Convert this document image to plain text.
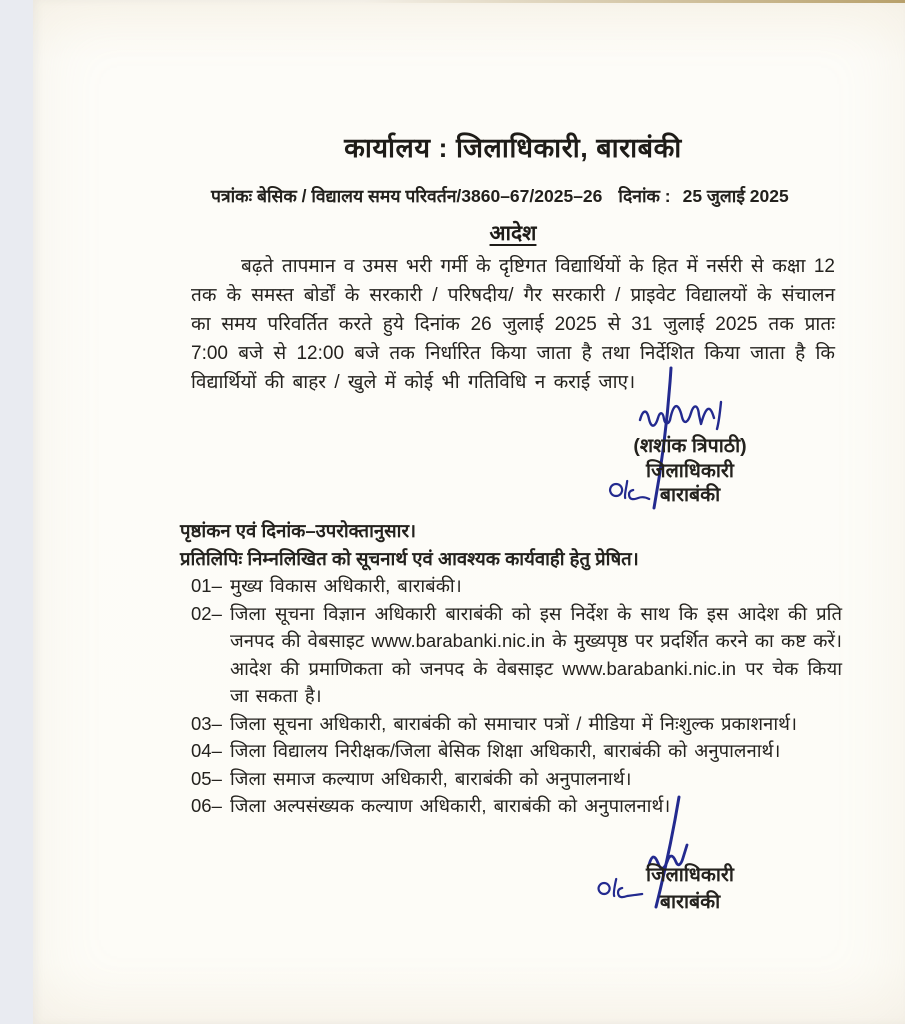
कार्यालय : जिलाधिकारी, बाराबंकी
पत्रांकः बेसिक / विद्यालय समय परिवर्तन/3860–67/2025–26 दिनांक : 25 जुलाई 2025
आदेश
बढ़ते तापमान व उमस भरी गर्मी के दृष्टिगत विद्यार्थियों के हित में नर्सरी से कक्षा 12 तक के समस्त बोर्डों के सरकारी / परिषदीय/ गैर सरकारी / प्राइवेट विद्यालयों के संचालन का समय परिवर्तित करते हुये दिनांक 26 जुलाई 2025 से 31 जुलाई 2025 तक प्रातः 7:00 बजे से 12:00 बजे तक निर्धारित किया जाता है तथा निर्देशित किया जाता है कि विद्यार्थियों की बाहर / खुले में कोई भी गतिविधि न कराई जाए।
(शशांक त्रिपाठी)
जिलाधिकारी
बाराबंकी
पृष्ठांकन एवं दिनांक–उपरोक्तानुसार।
प्रतिलिपिः निम्नलिखित को सूचनार्थ एवं आवश्यक कार्यवाही हेतु प्रेषित।
01– मुख्य विकास अधिकारी, बाराबंकी।
02– जिला सूचना विज्ञान अधिकारी बाराबंकी को इस निर्देश के साथ कि इस आदेश की प्रति जनपद की वेबसाइट www.barabanki.nic.in के मुख्यपृष्ठ पर प्रदर्शित करने का कष्ट करें। आदेश की प्रमाणिकता को जनपद के वेबसाइट www.barabanki.nic.in पर चेक किया जा सकता है।
03– जिला सूचना अधिकारी, बाराबंकी को समाचार पत्रों / मीडिया में निःशुल्क प्रकाशनार्थ।
04– जिला विद्यालय निरीक्षक/जिला बेसिक शिक्षा अधिकारी, बाराबंकी को अनुपालनार्थ।
05– जिला समाज कल्याण अधिकारी, बाराबंकी को अनुपालनार्थ।
06– जिला अल्पसंख्यक कल्याण अधिकारी, बाराबंकी को अनुपालनार्थ।
जिलाधिकारी
बाराबंकी
